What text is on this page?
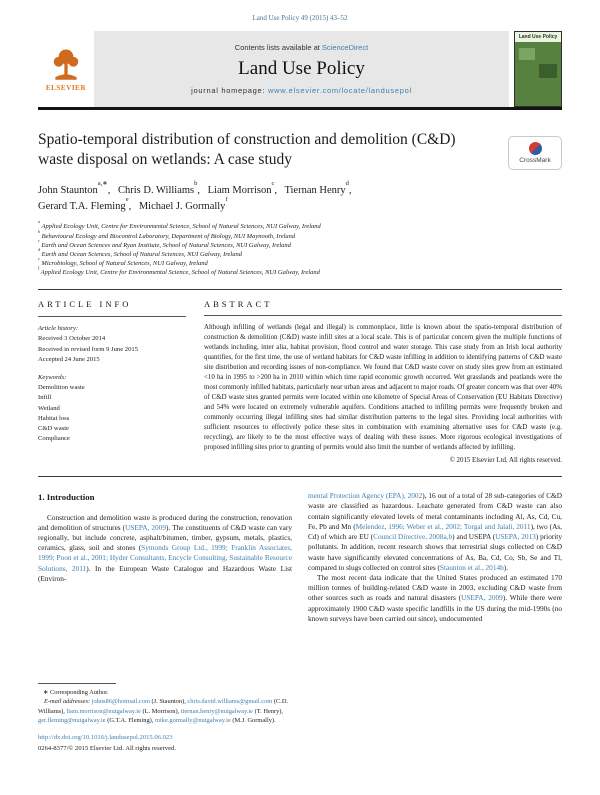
Land Use Policy 49 (2015) 43–52
ELSEVIER
Contents lists available at ScienceDirect
Land Use Policy
journal homepage: www.elsevier.com/locate/landusepol
Land Use Policy
Spatio-temporal distribution of construction and demolition (C&D) waste disposal on wetlands: A case study	CrossMark
John Staunton$^{a,∗}$, Chris D. Williams$^b$, Liam Morrison$^c$, Tiernan Henry$^d$,
Gerard T.A. Fleming$^e$, Michael J. Gormally$^f$
$^a$ Applied Ecology Unit, Centre for Environmental Science, School of Natural Sciences, NUI Galway, Ireland
$^b$ Behavioural Ecology and Biocontrol Laboratory, Department of Biology, NUI Maynooth, Ireland
$^c$ Earth and Ocean Sciences and Ryan Institute, School of Natural Sciences, NUI Galway, Ireland
$^d$ Earth and Ocean Sciences, School of Natural Sciences, NUI Galway, Ireland
$^e$ Microbiology, School of Natural Sciences, NUI Galway, Ireland
$^f$ Applied Ecology Unit, Centre for Environmental Science, School of Natural Sciences, NUI Galway, Ireland
ARTICLE INFO
Article history:
Received 3 October 2014
Received in revised form 9 June 2015
Accepted 24 June 2015
Keywords:
Demolition waste
Infill
Wetland
Habitat loss
C&D waste
Compliance
ABSTRACT
Although infilling of wetlands (legal and illegal) is commonplace, little is known about the spatio-temporal distribution of construction & demolition (C&D) waste infill sites at a local scale. This is of particular concern given the multiple functions of wetlands including, inter alia, habitat provision, flood control and water storage. This case study from an Irish local authority quantifies, for the first time, the use of wetland habitats for C&D waste infilling in addition to identifying patterns of C&D waste site distribution and recording issues of non-compliance. We found that C&D waste cover on study sites grew from an estimated <10 ha in 1995 to >200 ha in 2010 within which time rapid economic growth occurred. Wet grasslands and peatlands were the most commonly infilled habitats, particularly near urban areas and adjacent to major roads. Of greater concern was that over 40% of C&D waste sites granted permits were located within one kilometre of Special Areas of Conservation (EU Habitats Directive) and 54% were located on extremely vulnerable aquifers. Conditions attached to infilling permits were frequently broken and commonly occurring illegal infilling sites had similar distribution patterns to the legal sites. Providing local authorities with sufficient resources to effectively police these sites in combination with examining alternative uses for C&D waste (e.g. recycling), are likely to be the most effective ways of dealing with these issues. More rigorous ecological investigations of proposed infilling sites prior to granting of permits would also limit the number of wetlands affected by infilling.
© 2015 Elsevier Ltd. All rights reserved.
1. Introduction

Construction and demolition waste is produced during the construction, renovation and demolition of structures (USEPA, 2009). The constituents of C&D waste can vary regionally, but include concrete, asphalt/bitumen, timber, gypsum, metals, plastics, ceramics, glass, soil and stones (Symonds Group Ltd., 1999; Franklin Associates, 1999; Poon et al., 2001; Hyder Consultants, Encycle Consulting, Sustainable Resource Solutions, 2011). In the European Waste Catalogue and Hazardous Waste List (Environ-

∗ Corresponding Author.

E-mail addresses: johns86@hotmail.com (J. Staunton), chris.david.williams@gmail.com (C.D. Williams), liam.morrison@nuigalway.ie (L. Morrison), tiernan.henry@nuigalway.ie (T. Henry), ger.fleming@nuigalway.ie (G.T.A. Fleming), mike.gormally@nuigalway.ie (M.J. Gormally).

mental Protection Agency (EPA), 2002), 16 out of a total of 28 sub-categories of C&D waste are classified as hazardous. Leachate generated from C&D waste can also contain significantly elevated levels of metal contaminants including Al, As, Cd, Cu, Fe, Pb and Mn (Melendez, 1996; Weber et al., 2002; Torgal and Jalali, 2011), two (As, Cd) of which are EU (Council Directive, 2008a,b) and USEPA (USEPA, 2013) priority pollutants. In addition, recent research shows that terrestrial slugs collected on C&D waste have significantly elevated concentrations of As, Ba, Cd, Co, Sb, Se and Tl, compared to slugs collected on control sites (Staunton et al., 2014b).

The most recent data indicate that the United States produced an estimated 170 million tonnes of building-related C&D waste in 2003, excluding C&D waste from other sources such as roads and natural disasters (USEPA, 2009). While there were approximately 1900 C&D waste specific landfills in the US during the mid-1990s (no known surveys have been carried out since), undocumented

http://dx.doi.org/10.1016/j.landusepol.2015.06.023
0264-8377/© 2015 Elsevier Ltd. All rights reserved.
